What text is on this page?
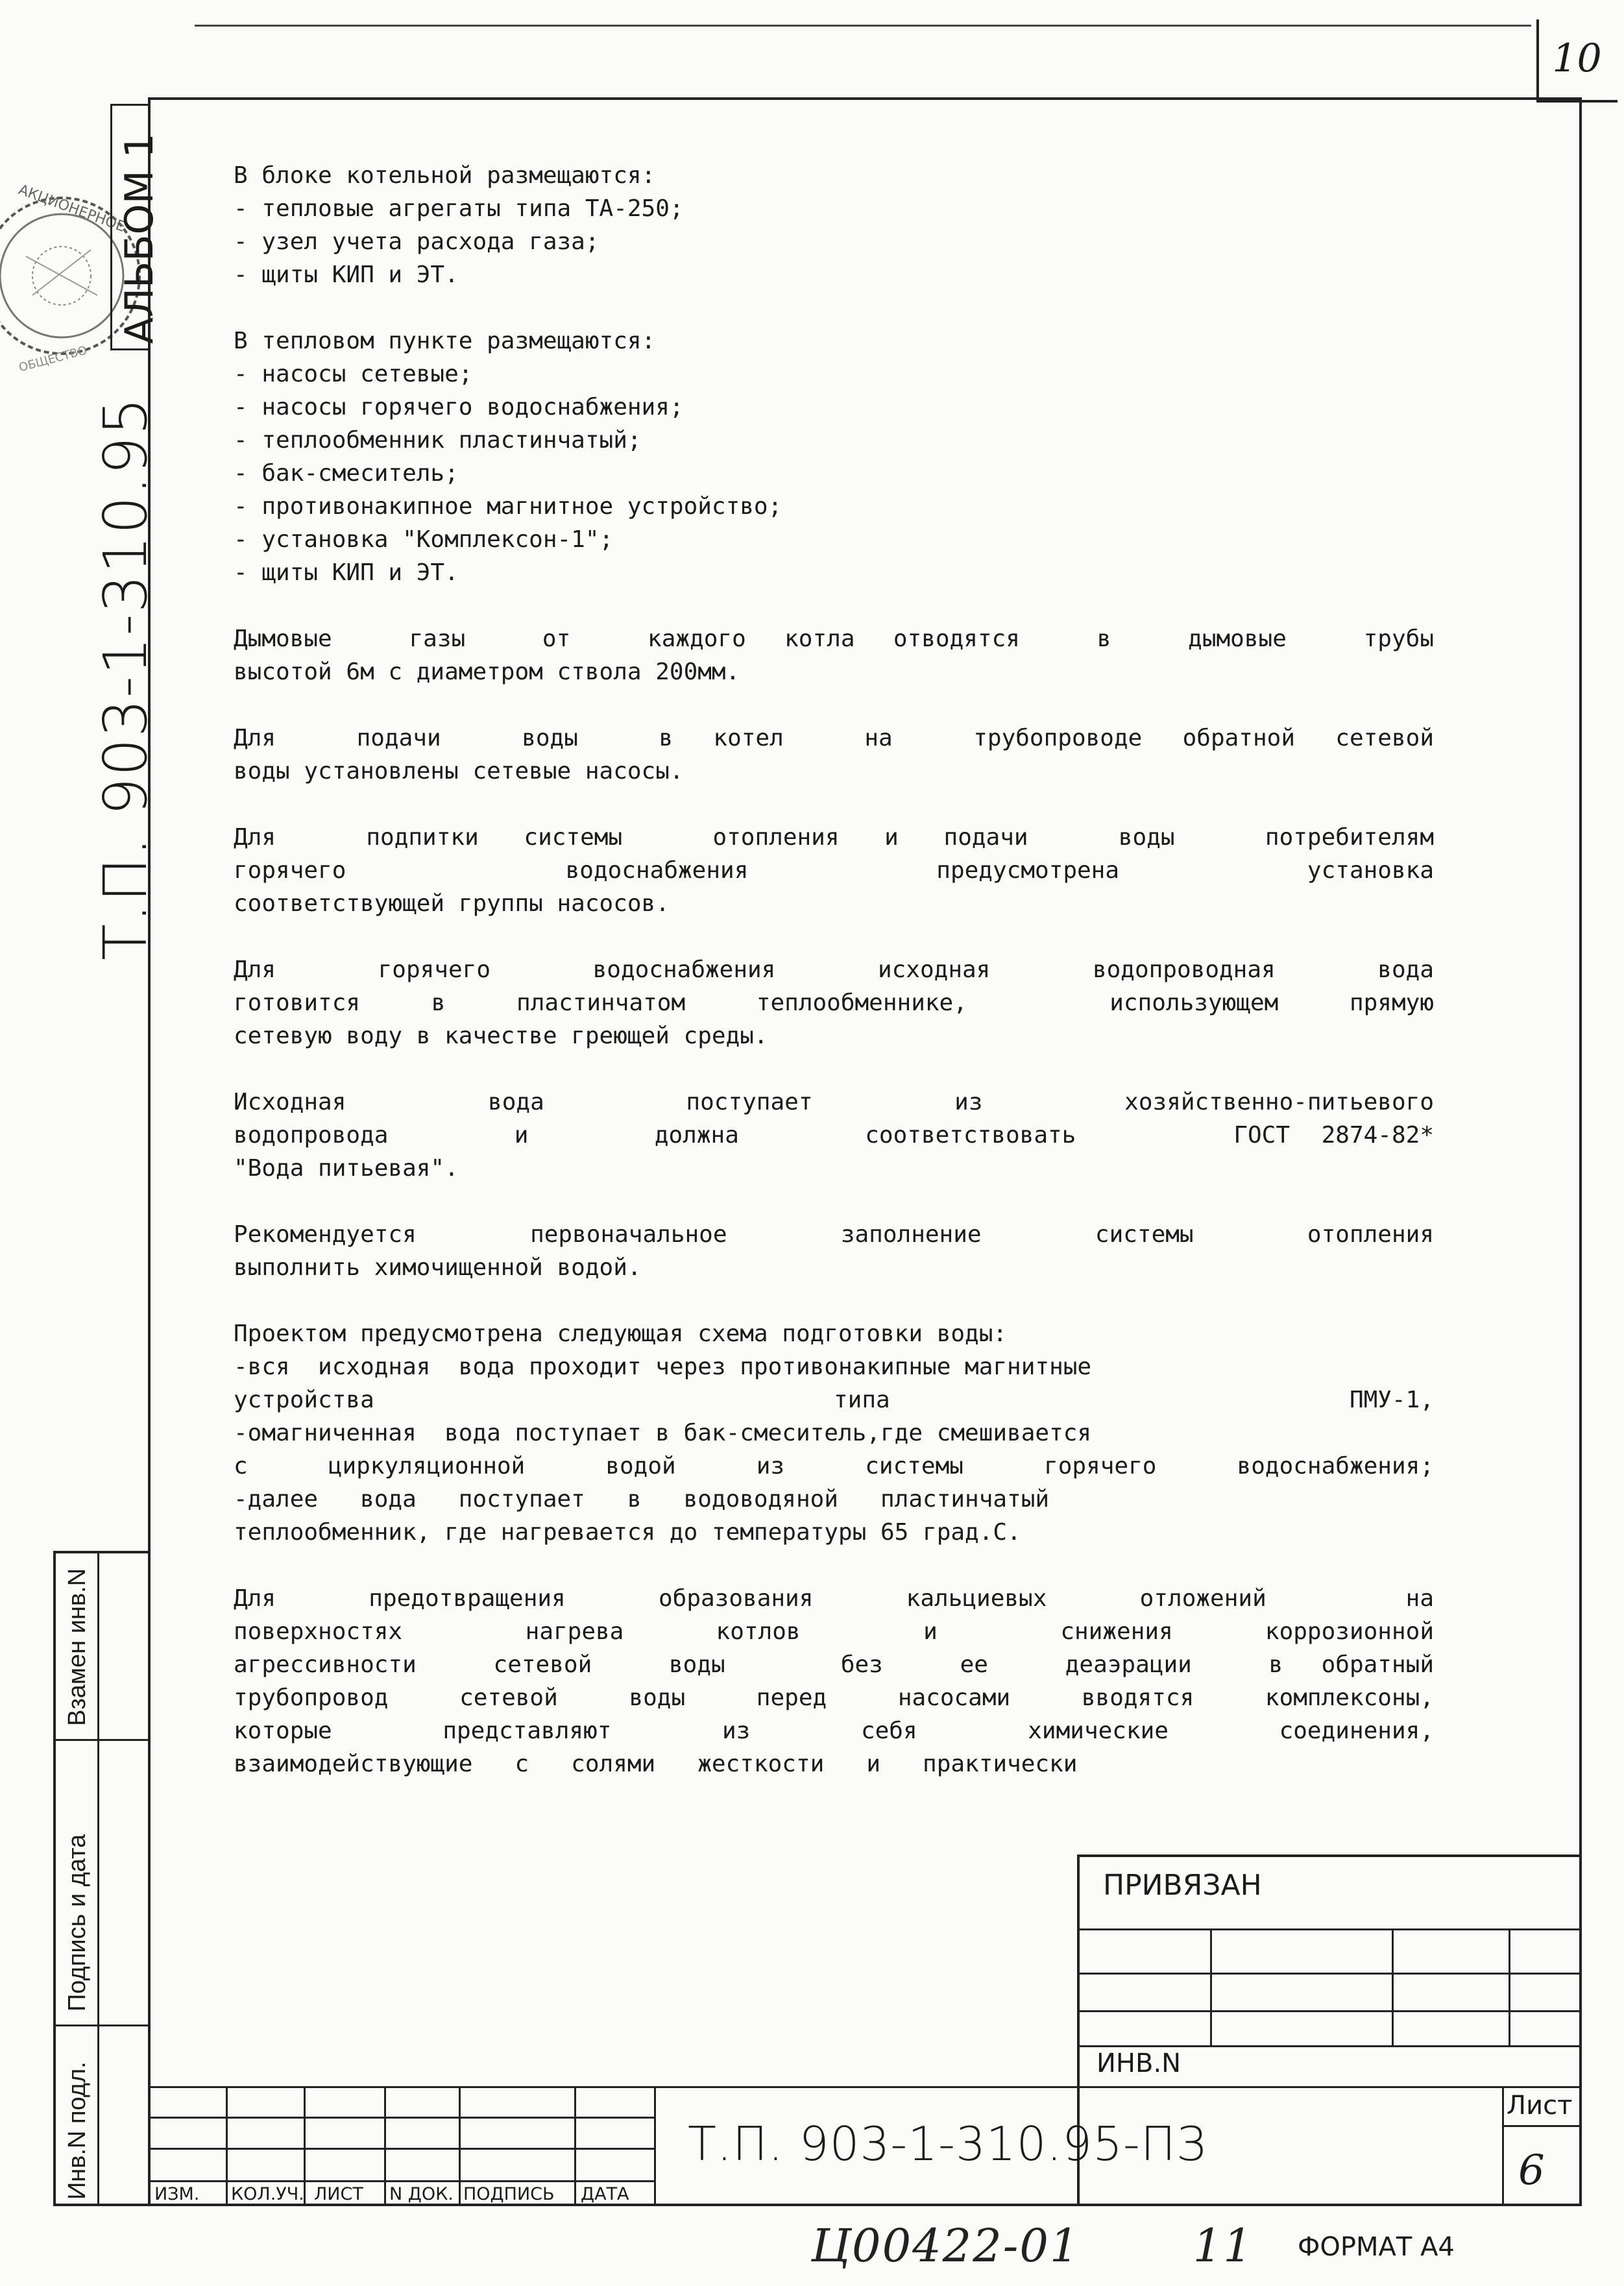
10
АКЦИОНЕРНОЕ
ОБЩЕСТВО
АЛЬБОМ 1
Т.П. 903-1-310.95
Взамен инв.N
Подпись и дата
Инв.N подл.
В блоке котельной размещаются:
- тепловые агрегаты типа ТА-250;
- узел учета расхода газа;
- щиты КИП и ЭТ.
В тепловом пункте размещаются:
- насосы сетевые;
- насосы горячего водоснабжения;
- теплообменник пластинчатый;
- бак-смеситель;
- противонакипное магнитное устройство;
- установка "Комплексон-1";
- щиты КИП и ЭТ.
Дымовые  газы  от  каждого котла отводятся  в  дымовые  трубы
высотой 6м с диаметром ствола 200мм.
Для  подачи  воды  в котел  на  трубопроводе обратной сетевой
воды установлены сетевые насосы.
Для  подпитки системы  отопления и подачи  воды  потребителям
горячего       водоснабжения      предусмотрена      установка
соответствующей группы насосов.
Для  горячего  водоснабжения  исходная  водопроводная  вода
готовится в пластинчатом теплообменнике,  использующем прямую
сетевую воду в качестве греющей среды.
Исходная    вода    поступает    из    хозяйственно-питьевого
водопровода    и    должна    соответствовать     ГОСТ 2874-82*
"Вода питьевая".
Рекомендуется  первоначальное  заполнение  системы  отопления
выполнить химочищенной водой.
Проектом предусмотрена следующая схема подготовки воды:
-вся  исходная  вода проходит через противонакипные магнитные
устройства  типа  ПМУ-1,
-омагниченная  вода поступает в бак-смеситель,где смешивается
с циркуляционной водой из системы горячего водоснабжения;
-далее   вода   поступает   в   водоводяной   пластинчатый
теплообменник, где нагревается до температуры 65 град.С.
Для  предотвращения  образования  кальциевых  отложений   на
поверхностях    нагрева   котлов    и    снижения   коррозионной
агрессивности  сетевой  воды   без  ее  деаэрации  в обратный
трубопровод сетевой воды перед насосами вводятся комплексоны,
которые   представляют   из   себя   химические   соединения,
взаимодействующие   с   солями   жесткости   и   практически
ПРИВЯЗАН
ИНВ.N
ИЗМ. КОЛ.УЧ. ЛИСТ N ДОК. ПОДПИСЬ ДАТА
Т.П. 903-1-310.95-ПЗ
Лист
6
Ц00422-01 11 ФОРМАТ А4
